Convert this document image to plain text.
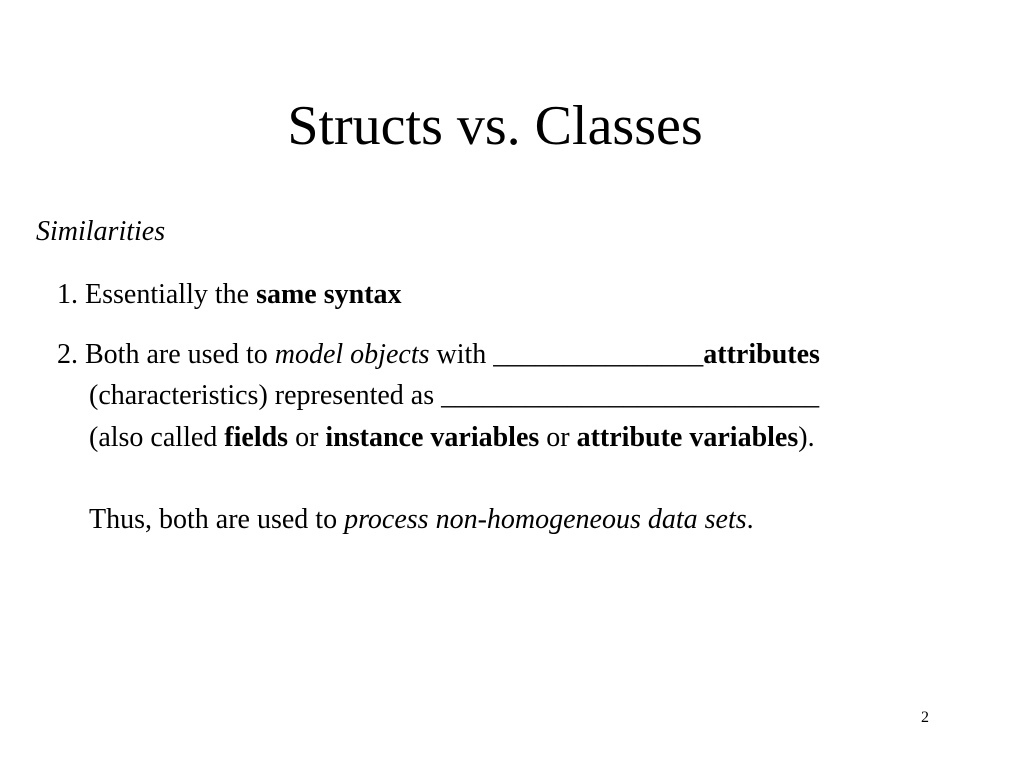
Structs vs. Classes
Similarities
1. Essentially the same syntax
2. Both are used to model objects with _______________attributes
(characteristics) represented as ___________________________
(also called fields or instance variables or attribute variables).
Thus, both are used to process non-homogeneous data sets.
2
